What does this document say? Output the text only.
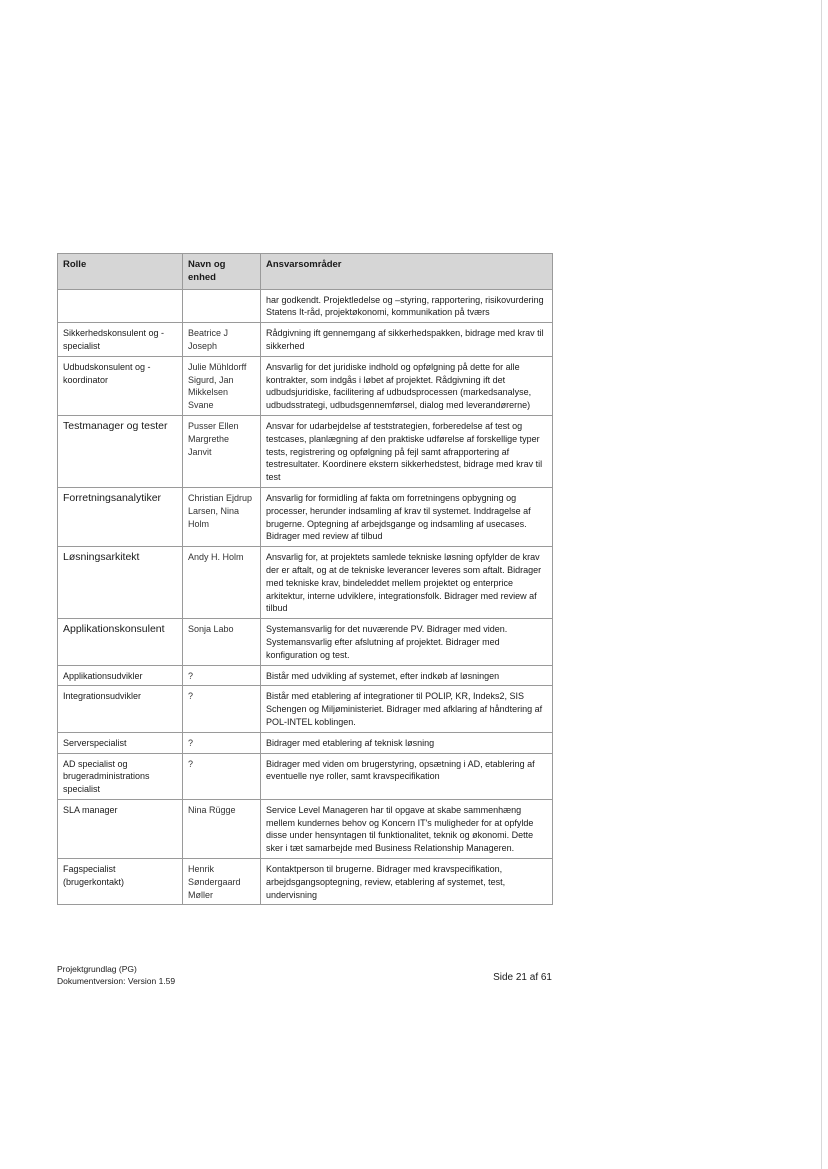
Rolle	Navn og enhed	Ansvarsområder
		har godkendt. Projektledelse og –styring, rapportering, risikovurdering Statens It-råd, projektøkonomi, kommunikation på tværs
Sikkerhedskonsulent og -specialist	Beatrice J Joseph	Rådgivning ift gennemgang af sikkerhedspakken, bidrage med krav til sikkerhed
Udbudskonsulent og -koordinator	Julie Mühldorff Sigurd, Jan Mikkelsen Svane	Ansvarlig for det juridiske indhold og opfølgning på dette for alle kontrakter, som indgås i løbet af projektet. Rådgivning ift det udbudsjuridiske, facilitering af udbudsprocessen (markedsanalyse, udbudsstrategi, udbudsgennemførsel, dialog med leverandørerne)
Testmanager og tester	Pusser Ellen Margrethe Janvit	Ansvar for udarbejdelse af teststrategien, forberedelse af test og testcases, planlægning af den praktiske udførelse af forskellige typer tests, registrering og opfølgning på fejl samt afrapportering af testresultater. Koordinere ekstern sikkerhedstest, bidrage med krav til test
Forretningsanalytiker	Christian Ejdrup Larsen, Nina Holm	Ansvarlig for formidling af fakta om forretningens opbygning og processer, herunder indsamling af krav til systemet. Inddragelse af brugerne. Optegning af arbejdsgange og indsamling af usecases. Bidrager med review af tilbud
Løsningsarkitekt	Andy H. Holm	Ansvarlig for, at projektets samlede tekniske løsning opfylder de krav der er aftalt, og at de tekniske leverancer leveres som aftalt. Bidrager med tekniske krav, bindeleddet mellem projektet og enterprice arkitektur, interne udviklere, integrationsfolk. Bidrager med review af tilbud
Applikationskonsulent	Sonja Labo	Systemansvarlig for det nuværende PV. Bidrager med viden. Systemansvarlig efter afslutning af projektet. Bidrager med konfiguration og test.
Applikationsudvikler	?	Bistår med udvikling af systemet, efter indkøb af løsningen
Integrationsudvikler	?	Bistår med etablering af integrationer til POLIP, KR, Indeks2, SIS Schengen og Miljøministeriet. Bidrager med afklaring af håndtering af POL-INTEL koblingen.
Serverspecialist	?	Bidrager med etablering af teknisk løsning
AD specialist og brugeradministrations specialist	?	Bidrager med viden om brugerstyring, opsætning i AD, etablering af eventuelle nye roller, samt kravspecifikation
SLA manager	Nina Rügge	Service Level Manageren har til opgave at skabe sammenhæng mellem kundernes behov og Koncern IT's muligheder for at opfylde disse under hensyntagen til funktionalitet, teknik og økonomi. Dette sker i tæt samarbejde med Business Relationship Manageren.
Fagspecialist (brugerkontakt)	Henrik Søndergaard Møller	Kontaktperson til brugerne. Bidrager med kravspecifikation, arbejdsgangsoptegning, review, etablering af systemet, test, undervisning
Projektgrundlag (PG)
Dokumentversion: Version 1.59	Side 21 af 61
